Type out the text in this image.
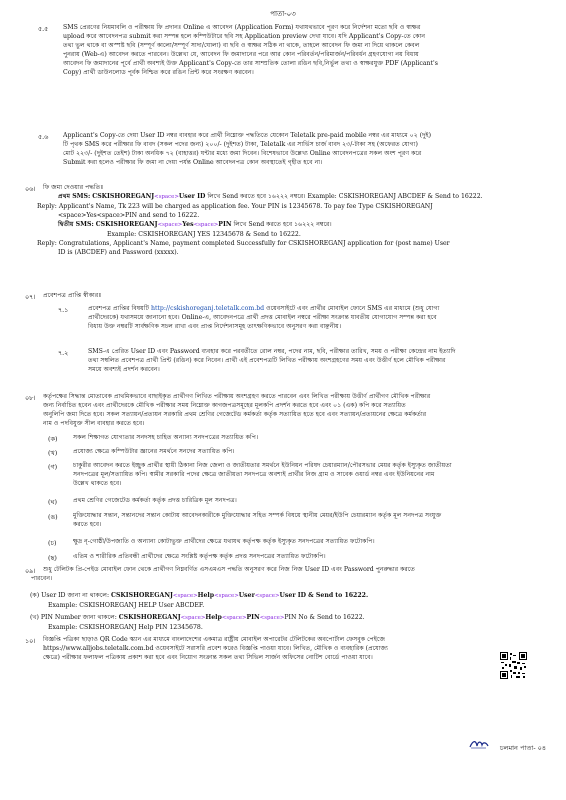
পাতা-০৩
৫.৫ SMS প্রেরণের নিয়মাবলি ও পরীক্ষায় ফি প্রদানঃ Online এ আবেদন (Application Form) যথাযথভাবে পূরণ করে নির্দেশনা মতো ছবি ও স্বাক্ষর
upload করে আবেদনপত্র submit করা সম্পন্ন হলে কম্পিউটারে ছবি সহ Application preview দেখা যাবে। যদি Applicant's Copy-তে কোন
তথ্য ভুল থাকে বা অস্পষ্ট ছবি (সম্পূর্ণ কালো/সম্পূর্ণ সাদা/ঘোলা) বা ছবি ও স্বাক্ষর সঠিক না থাকে, তাহলে আবেদন ফি জমা না দিয়ে থাকলে কেবল
পুনরায় (Web-এ) আবেদন করতে পারবেন। উল্লেখ্য যে, আবেদন ফি জমাদানের পরে আর কোন পরিবর্তন/পরিমার্জন/পরিবর্ধন গ্রহণযোগ্য নয় বিধায়
আবেদন ফি জমাদানের পূর্বে প্রার্থী অবশ্যই উক্ত Applicant's Copy-তে তার সাম্প্রতিক তোলা রঙিন ছবি,নির্ভুল তথ্য ও স্বাক্ষরযুক্ত PDF (Applicant's
Copy) প্রার্থী ডাউনলোড পূর্বক নিশ্চিত করে রঙিন প্রিন্ট করে সংরক্ষণ করবেন।
৫.৬ Applicant's Copy-তে দেয়া User ID নম্বর ব্যবহার করে প্রার্থী নিম্নোক্ত পদ্ধতিতে যেকোন Teletalk pre-paid mobile নম্বর এর মাধ্যমে ০২ (দুই)
টি পৃথক SMS করে পরীক্ষার ফি বাবদ (সকল পদের জন্য) ২০০/- (দুইশত) টাকা, Teletalk এর সার্ভিস চার্জ বাবদ ২৩/-টাকা সহ (অফেরত যোগ্য)
মোট ২২৩/- (দুইশত তেইশ) টাকা অনধিক ৭২ (বাহাত্তর) ঘন্টার মধ্যে জমা দিবেন। বিশেষভাবে উল্লেখ্য Online আবেদনপত্রের সকল অংশ পূরণ করে
Submit করা হলেও পরীক্ষার ফি জমা না দেয়া পর্যন্ত Online আবেদনপত্র কোন অবস্থাতেই গৃহীত হবে না।
০৬।	ফি জমা দেওয়ার পদ্ধতিঃ
প্রথম SMS: CSKISHOREGANJ<space>User ID লিখে Send করতে হবে ১৬২২২ নম্বরে। Example: CSKISHOREGANJ ABCDEF & Send to 16222.
Reply: Applicant's Name, Tk 223 will be charged as application fee. Your PIN is 12345678. To pay fee Type CSKISHOREGANJ
<space>Yes<space>PIN and send to 16222.
দ্বিতীয় SMS: CSKISHOREGANJ<space>Yes<space>PIN লিখে Send করতে হবে ১৬২২২ নম্বরে।
Example: CSKISHOREGANJ YES 12345678 & Send to 16222.
Reply: Congratulations, Applicant's Name, payment completed Successfully for CSKISHOREGANJ application for (post name) User
ID is (ABCDEF) and Password (xxxxx).
০৭। প্রবেশপত্র প্রাপ্তি স্বীকারঃ
৭.১	প্রবেশপত্র প্রাপ্তির বিষয়টি http://cskishoreganj.teletalk.com.bd ওয়েবসাইটে এবং প্রার্থীর মোবাইল ফোনে SMS এর মাধ্যমে (শুধু যোগ্য
প্রার্থীদেরকে) যথাসময়ে জানানো হবে। Online-এ, আবেদনপত্রে প্রার্থী প্রদত্ত মোবাইল নম্বরে পরীক্ষা সংক্রান্ত যাবতীয় যোগাযোগ সম্পন্ন করা হবে
বিধায় উক্ত নম্বরটি সার্বক্ষণিক সচল রাখা এবং প্রাপ্ত নির্দেশনাসমূহ তাৎক্ষণিকভাবে অনুসরণ করা বাঞ্ছনীয়।
৭.২	SMS-এ প্রেরিত User ID এবং Password ব্যবহার করে পরবর্তীতে রোল নম্বর, পদের নাম, ছবি, পরীক্ষার তারিখ, সময় ও পরীক্ষা কেন্দ্রের নাম ইত্যাদি
তথ্য সম্বলিত প্রবেশপত্র প্রার্থী প্রিন্ট (রঙিন) করে নিবেন। প্রার্থী এই প্রবেশপত্রটি লিখিত পরীক্ষায় অংশগ্রহণের সময় এবং উত্তীর্ণ হলে মৌখিক পরীক্ষার
সময়ে অবশ্যই প্রদর্শন করবেন।
০৮। কর্তৃপক্ষের সিদ্ধান্ত মোতাবেক প্রাথমিকভাবে বাছাইকৃত প্রার্থীগণ লিখিত পরীক্ষায় অংশগ্রহণ করতে পারবেন এবং লিখিত পরীক্ষায় উত্তীর্ণ প্রার্থীগণ মৌখিক পরীক্ষার
জন্য নির্বাচিত হবেন এবং প্রার্থীদেরকে মৌখিক পরীক্ষার সময় নিম্নোক্ত কাগজপত্রসমূহের মূলকপি প্রদর্শন করতে হবে এবং ০১ (এক) কপি করে সত্যায়িত
অনুলিপি জমা দিতে হবে। সকল সত্যায়ন/প্রত্যয়ন সরকারি প্রথম শ্রেণির গেজেটেড কর্মকর্তা কর্তৃক সত্যায়িত হতে হবে এবং সত্যায়ন/প্রত্যয়নের ক্ষেত্রে কর্মকর্তার
নাম ও পদবিযুক্ত সীল ব্যবহার করতে হবে।
(ক)	সকল শিক্ষাগত যোগ্যতার সনদসহ চাহিত অন্যান্য সনদপত্রের সত্যায়িত কপি।
(খ)	প্রযোজ্য ক্ষেত্রে কম্পিউটার জ্ঞানের সমর্থনে সনদের সত্যায়িত কপি।
(গ)	চাকুরীর আবেদন করতে ইচ্ছুক প্রার্থীর স্থায়ী ঠিকানা নিজ জেলা ও জাতীয়তার সমর্থনে ইউনিয়ন পরিষদ চেয়ারম্যান/পৌরসভার মেয়র কর্তৃক ইস্যুকৃত জাতীয়তা
সনদপত্রের মূল/সত্যায়িত কপি। স্বামীর সরকারি পদের ক্ষেত্রে জাতীয়তা সনদপত্রে অবশ্যই প্রার্থীর নিজ গ্রাম ও সাবেক ওয়ার্ড নম্বর এবং ইউনিয়নের নাম
উল্লেখ থাকতে হবে।
(ঘ)	প্রথম শ্রেণির গেজেটেড কর্মকর্তা কর্তৃক প্রদত্ত চারিত্রিক মূল সনদপত্র।
(ঙ) মুক্তিযোদ্ধার সন্তান, সন্তানদের সন্তান কোটায় আবেদনকারীকে মুক্তিযোদ্ধার সহিত সম্পর্ক বিষয়ে স্থানীয় মেয়র/ইউপি চেয়ারম্যান কর্তৃক মূল সনদপত্র সংযুক্ত
করতে হবে।
(চ)	ক্ষুদ্র নৃ-গোষ্ঠী/উপজাতি ও অন্যান্য কোটাভুক্ত প্রার্থীদের ক্ষেত্রে যথাযথ কর্তৃপক্ষ কর্তৃক ইস্যুকৃত সনদপত্রের সত্যায়িত ফটোকপি।
(ছ)	এতিম ও শারীরিক প্রতিবন্ধী প্রার্থীদের ক্ষেত্রে সংশ্লিষ্ট কর্তৃপক্ষ কর্তৃক প্রদত্ত সনদপত্রের সত্যায়িত ফটোকপি।
০৯। শুধু টেলিটক প্রি-পেইড মোবাইল ফোন থেকে প্রার্থীগণ নিম্নবর্ণিত এসএমএস পদ্ধতি অনুসরণ করে নিজ নিজ User ID এবং Password পুনরুদ্ধার করতে
পারবেন।
(ক) User ID জানা না থাকলে: CSKISHOREGANJ<space>Help<space>User<space>User ID & Send to 16222.
Example: CSKISHOREGANJ HELP User ABCDEF.
(খ) PIN Number জানা থাকলে: CSKISHOREGANJ<space>Help<space>PIN<space>PIN No & Send to 16222.
Example: CSKISHOREGANJ Help PIN 12345678.
১০। বিজ্ঞপ্তি পত্রিকা ছাড়াও QR Code স্ক্যান এর মাধ্যমে বাংলাদেশের একমাত্র রাষ্ট্রীয় মোবাইল অপারেটর টেলিটকের অবপোর্টাল ফেসবুক পেইজে
https://www.alljobs.teletalk.com.bd ওয়েবসাইটে সরাসরি প্রবেশ করেও বিজ্ঞপ্তি পাওয়া যাবে। লিখিত, মৌখিক ও ব্যবহারিক (প্রযোজ্য
ক্ষেত্রে) পরীক্ষার ফলাফল পত্রিকায় প্রকাশ করা হবে এবং নিয়োগ সংক্রান্ত সকল তথ্য সিভিল সার্জন অফিসের নোটিশ বোর্ডে পাওয়া যাবে।
চলমান পাতা- ০৪
